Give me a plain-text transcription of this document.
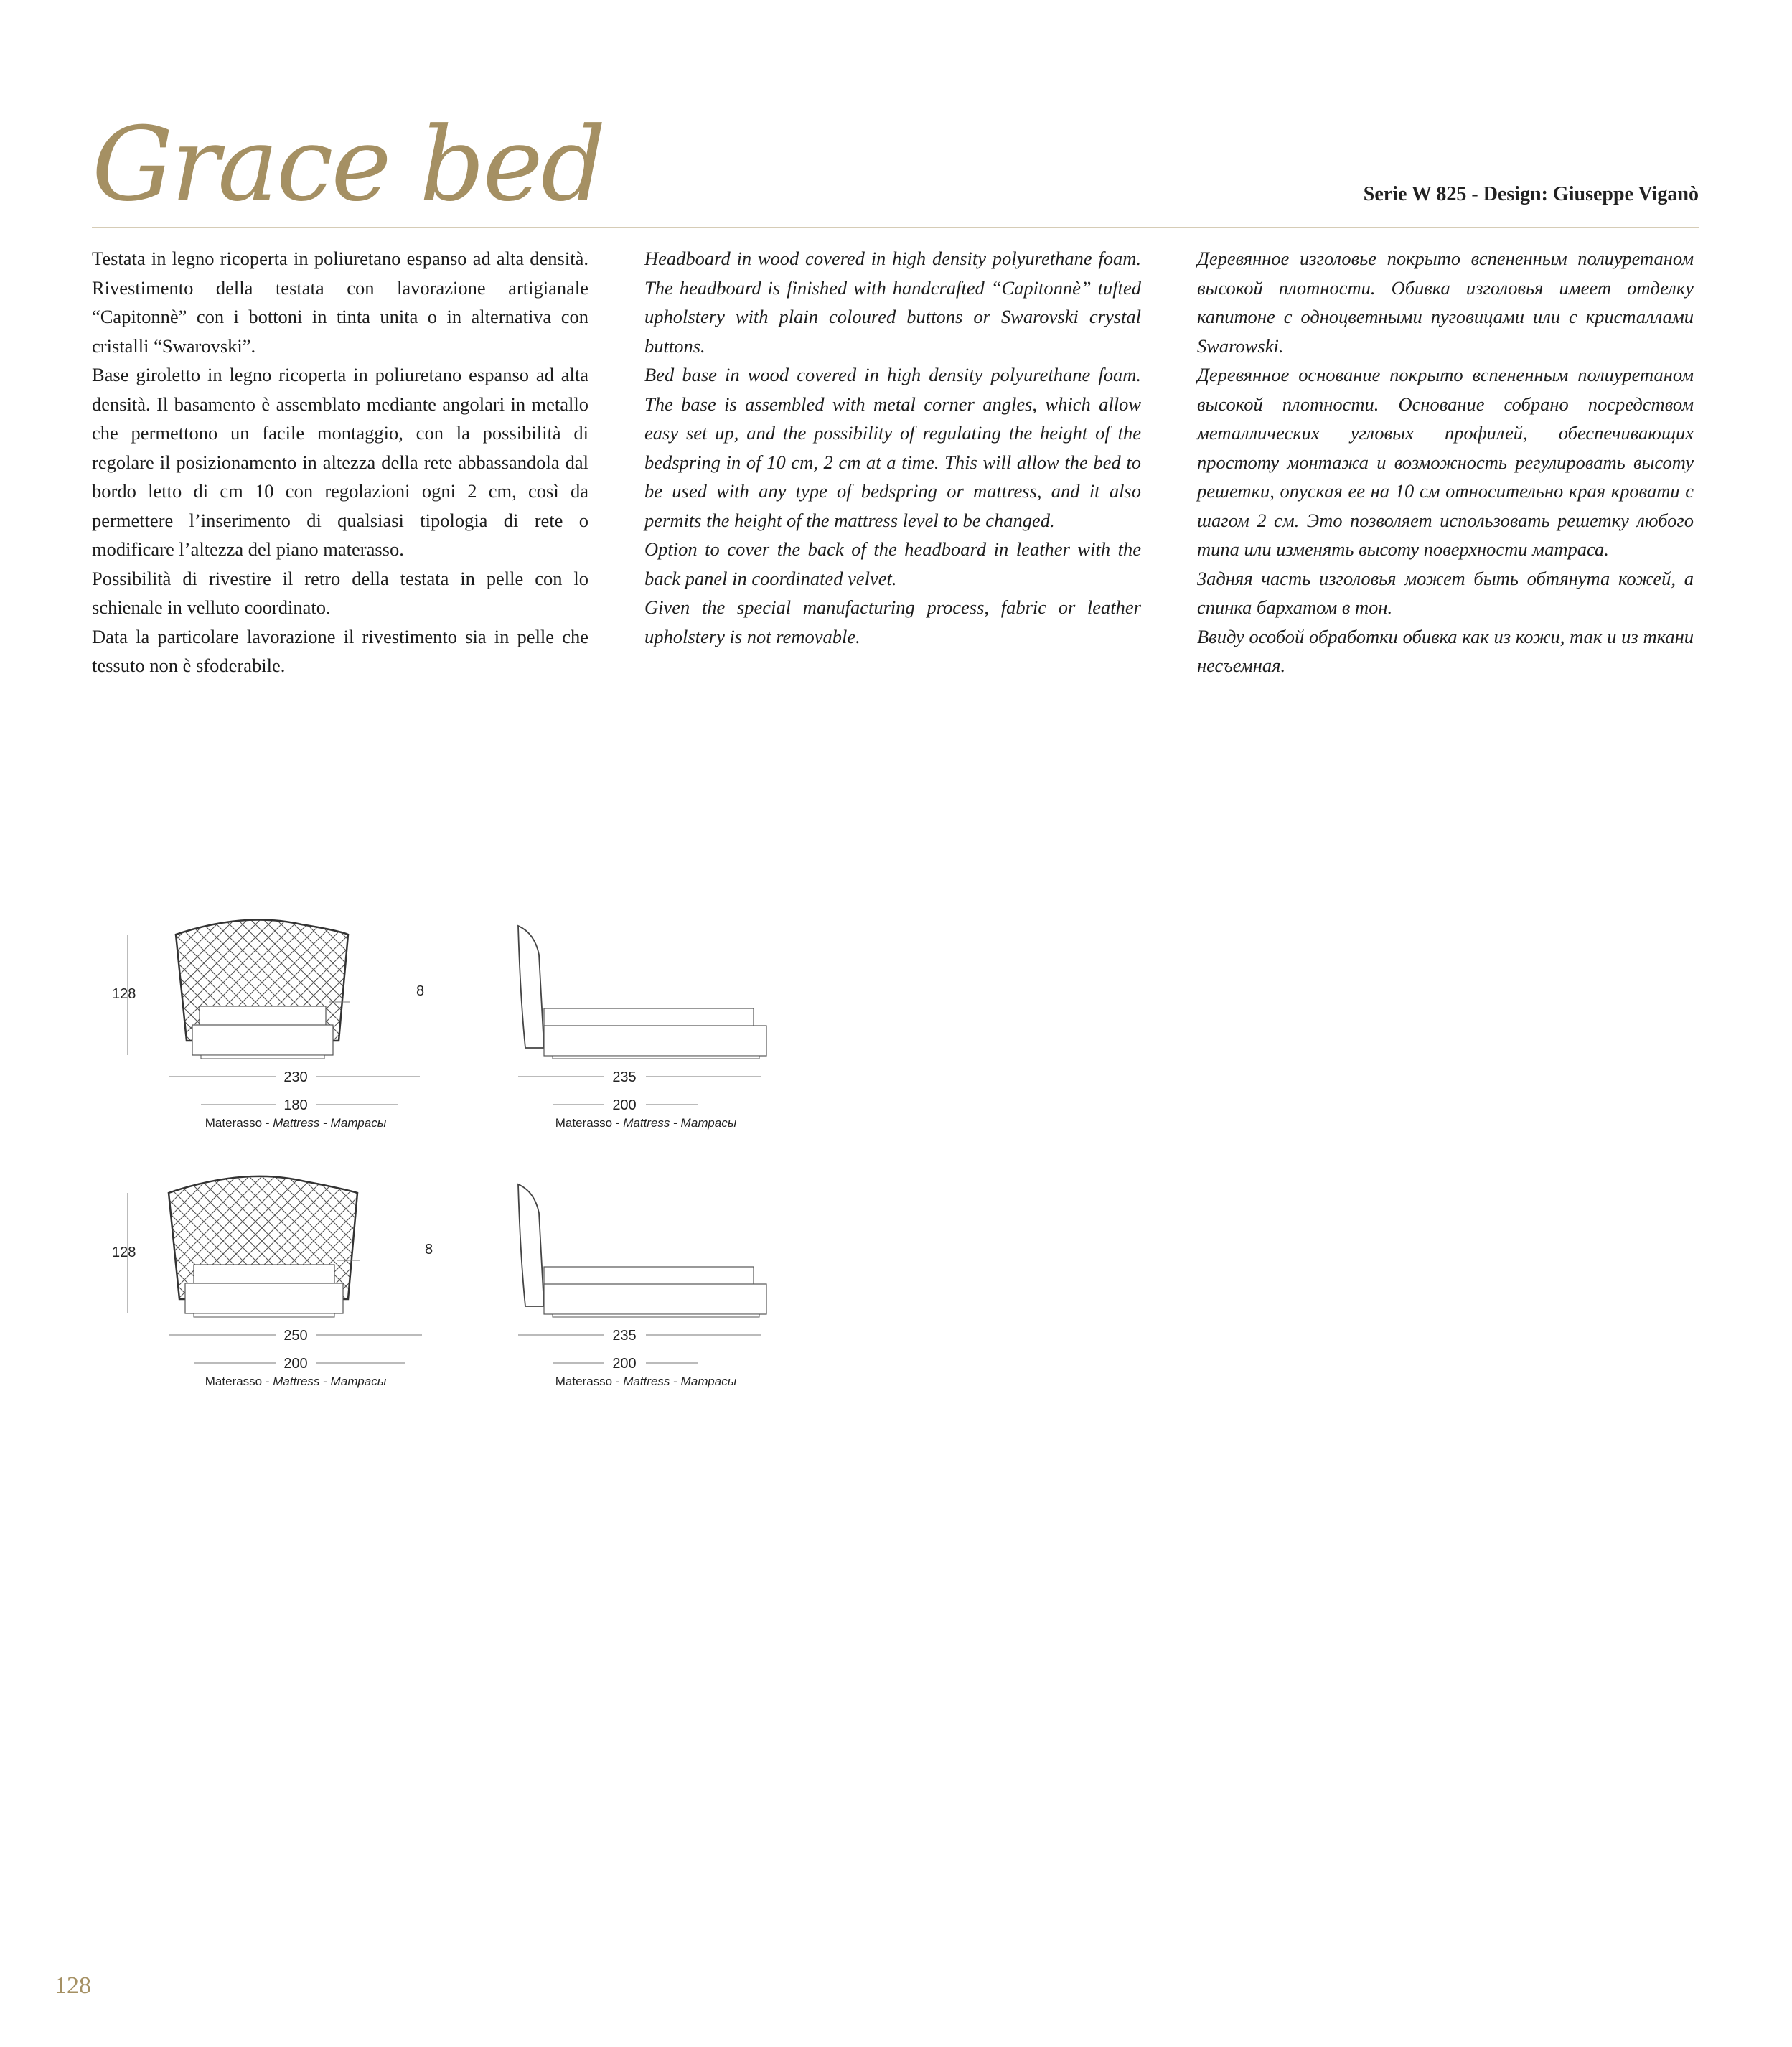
Grace bed	Serie W 825 - Design: Giuseppe Viganò

Testata in legno ricoperta in poliuretano espanso ad alta densità. Rivestimento della testata con lavorazione artigianale “Capitonnè” con i bottoni in tinta unita o in alternativa con cristalli “Swarovski”.

Base giroletto in legno ricoperta in poliuretano espanso ad alta densità. Il basamento è assemblato mediante angolari in metallo che permettono un facile montaggio, con la possibilità di regolare il posizionamento in altezza della rete abbassandola dal bordo letto di cm 10 con regolazioni ogni 2 cm, così da permettere l’inserimento di qualsiasi tipologia di rete o modificare l’altezza del piano materasso.

Possibilità di rivestire il retro della testata in pelle con lo schienale in velluto coordinato.

Data la particolare lavorazione il rivestimento sia in pelle che tessuto non è sfoderabile.

Headboard in wood covered in high density polyurethane foam. The headboard is finished with handcrafted “Capitonnè” tufted upholstery with plain coloured buttons or Swarovski crystal buttons.

Bed base in wood covered in high density polyurethane foam. The base is assembled with metal corner angles, which allow easy set up, and the possibility of regulating the height of the bedspring in of 10 cm, 2 cm at a time. This will allow the bed to be used with any type of bedspring or mattress, and it also permits the height of the mattress level to be changed.

Option to cover the back of the headboard in leather with the back panel in coordinated velvet.

Given the special manufacturing process, fabric or leather upholstery is not removable.

Деревянное изголовье покрыто вспененным полиуретаном высокой плотности. Обивка изголовья имеет отделку капитоне с одноцветными пуговицами или с кристаллами Swarowski.

Деревянное основание покрыто вспененным полиуретаном высокой плотности. Основание собрано посредством металлических угловых профилей, обеспечивающих простоту монтажа и возможность регулировать высоту решетки, опуская ее на 10 см относительно края кровати с шагом 2 см. Это позволяет использовать решетку любого типа или изменять высоту поверхности матраса.

Задняя часть изголовья может быть обтянута кожей, а спинка бархатом в тон.

Ввиду особой обработки обивка как из кожи, так и из ткани несъемная.

128	8
230
180
Materasso - Mattress - Матрасы
235
200
Materasso - Mattress - Матрасы
128	8
250
200
Materasso - Mattress - Матрасы
235
200
Materasso - Mattress - Матрасы
128
